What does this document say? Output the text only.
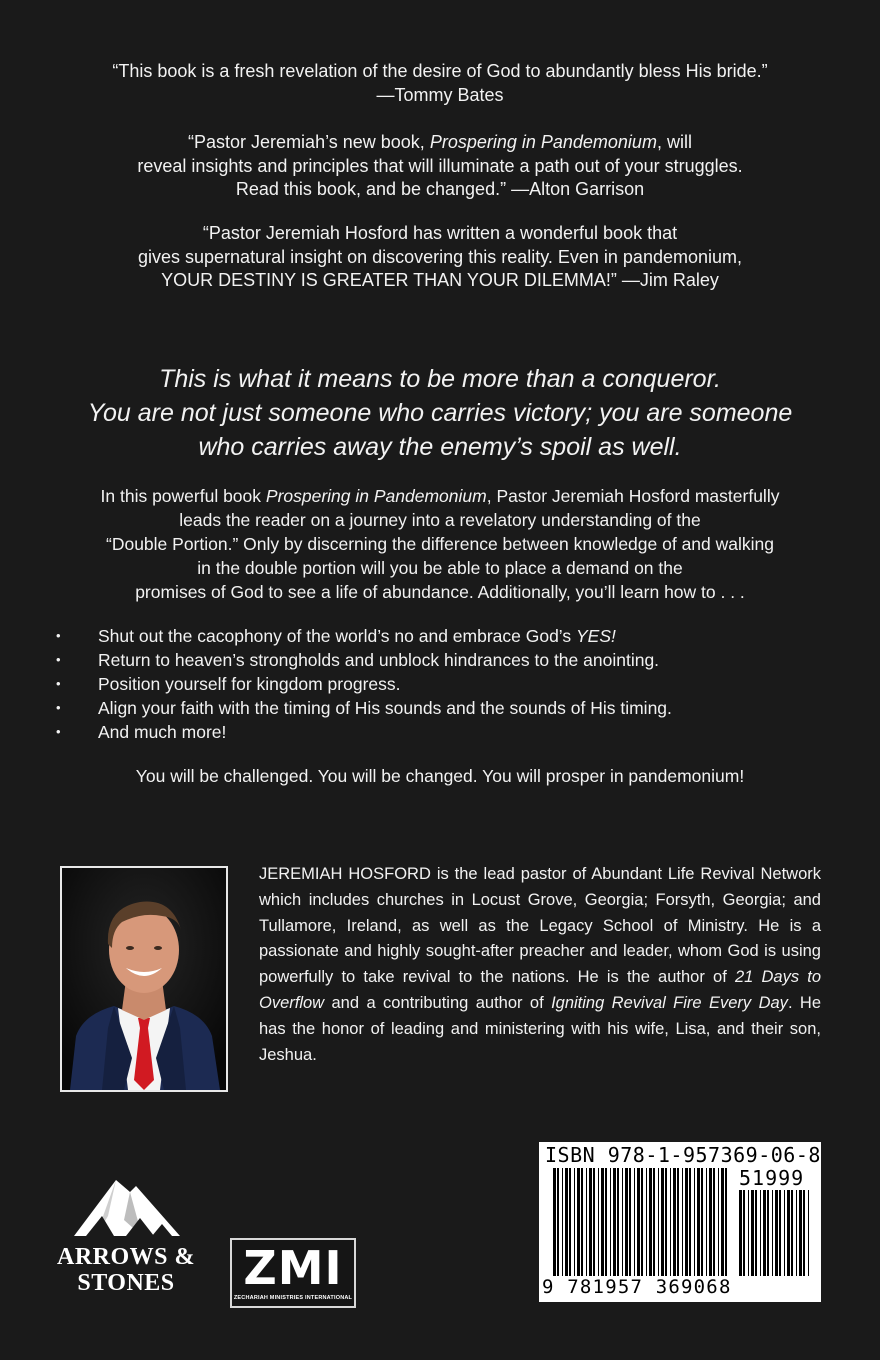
“This book is a fresh revelation of the desire of God to abundantly bless His bride.”
—Tommy Bates
“Pastor Jeremiah’s new book, Prospering in Pandemonium, will
reveal insights and principles that will illuminate a path out of your struggles.
Read this book, and be changed.” —Alton Garrison
“Pastor Jeremiah Hosford has written a wonderful book that
gives supernatural insight on discovering this reality. Even in pandemonium,
YOUR DESTINY IS GREATER THAN YOUR DILEMMA!” —Jim Raley
This is what it means to be more than a conqueror.
You are not just someone who carries victory; you are someone
who carries away the enemy’s spoil as well.
In this powerful book Prospering in Pandemonium, Pastor Jeremiah Hosford masterfully
leads the reader on a journey into a revelatory understanding of the
“Double Portion.” Only by discerning the difference between knowledge of and walking
in the double portion will you be able to place a demand on the
promises of God to see a life of abundance. Additionally, you’ll learn how to . . .
• Shut out the cacophony of the world’s no and embrace God’s YES!
• Return to heaven’s strongholds and unblock hindrances to the anointing.
• Position yourself for kingdom progress.
• Align your faith with the timing of His sounds and the sounds of His timing.
• And much more!
You will be challenged. You will be changed. You will prosper in pandemonium!
JEREMIAH HOSFORD is the lead pastor of Abundant Life Revival Network which includes churches in Locust Grove, Georgia; Forsyth, Georgia; and Tullamore, Ireland, as well as the Legacy School of Ministry. He is a passionate and highly sought-after preacher and leader, whom God is using powerfully to take revival to the nations. He is the author of 21 Days to Overflow and a contributing author of Igniting Revival Fire Every Day. He has the honor of leading and ministering with his wife, Lisa, and their son, Jeshua.
ARROWS &
STONES	ZMI
ZECHARIAH MINISTRIES INTERNATIONAL
ISBN 978-1-957369-06-8
51999
9 781957 369068
